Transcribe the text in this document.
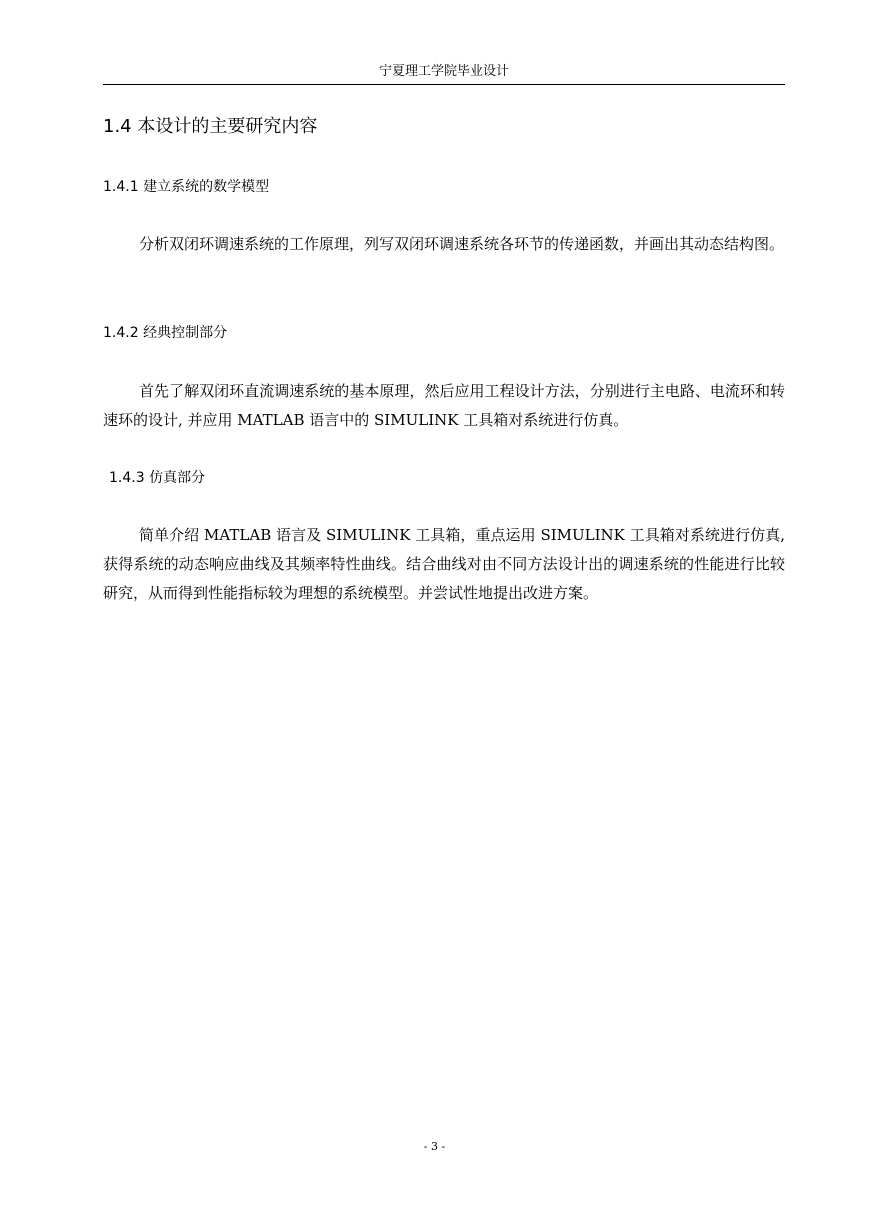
宁夏理工学院毕业设计
1.4 本设计的主要研究内容
1.4.1 建立系统的数学模型

分析双闭环调速系统的工作原理，列写双闭环调速系统各环节的传递函数，并画出其动态结构图。

1.4.2 经典控制部分

首先了解双闭环直流调速系统的基本原理，然后应用工程设计方法，分别进行主电路、电流环和转速环的设计, 并应用 MATLAB 语言中的 SIMULINK 工具箱对系统进行仿真。

1.4.3 仿真部分

简单介绍 MATLAB 语言及 SIMULINK 工具箱，重点运用 SIMULINK 工具箱对系统进行仿真,获得系统的动态响应曲线及其频率特性曲线。结合曲线对由不同方法设计出的调速系统的性能进行比较研究，从而得到性能指标较为理想的系统模型。并尝试性地提出改进方案。

- 3 -
